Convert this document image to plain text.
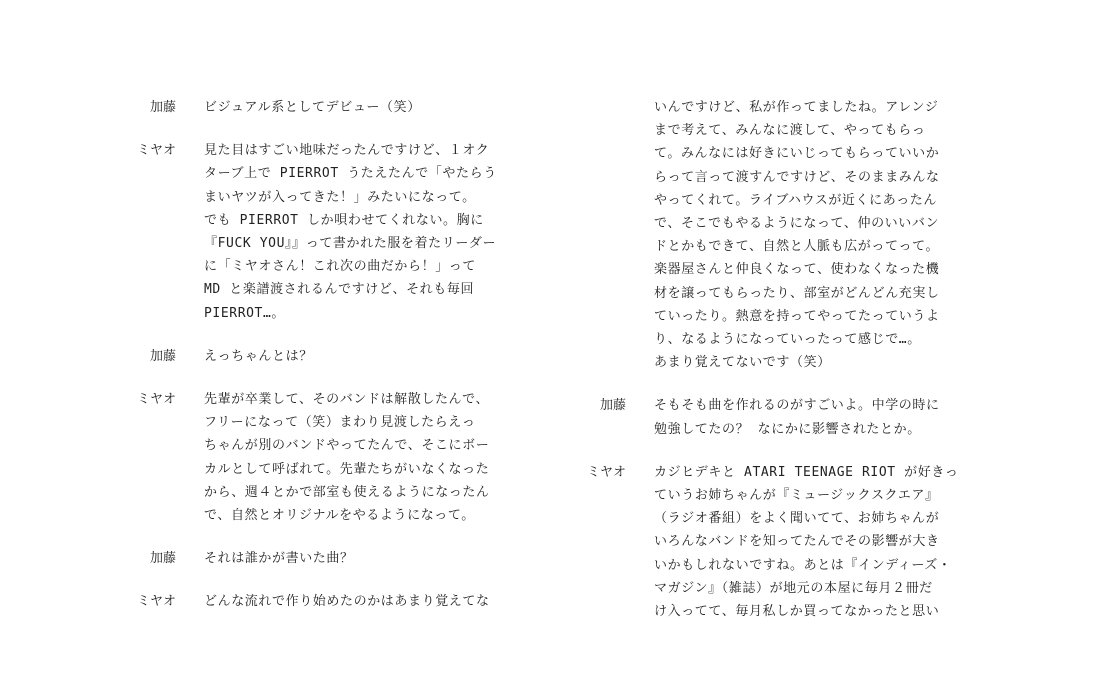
加藤 ビジュアル系としてデビュー（笑）
ミヤオ 見た目はすごい地味だったんですけど、１オク
ターブ上で PIERROT うたえたんで「やたらう
まいヤツが入ってきた！」みたいになって。
でも PIERROT しか唄わせてくれない。胸に
『FUCK YOU』』って書かれた服を着たリーダー
に「ミヤオさん！これ次の曲だから！」って
MD と楽譜渡されるんですけど、それも毎回
PIERROT…。
加藤 えっちゃんとは？
ミヤオ 先輩が卒業して、そのバンドは解散したんで、
フリーになって（笑）まわり見渡したらえっ
ちゃんが別のバンドやってたんで、そこにボー
カルとして呼ばれて。先輩たちがいなくなった
から、週４とかで部室も使えるようになったん
で、自然とオリジナルをやるようになって。
加藤 それは誰かが書いた曲？
ミヤオ どんな流れで作り始めたのかはあまり覚えてな
いんですけど、私が作ってましたね。アレンジ
まで考えて、みんなに渡して、やってもらっ
て。みんなには好きにいじってもらっていいか
らって言って渡すんですけど、そのままみんな
やってくれて。ライブハウスが近くにあったん
で、そこでもやるようになって、仲のいいバン
ドとかもできて、自然と人脈も広がってって。
楽器屋さんと仲良くなって、使わなくなった機
材を譲ってもらったり、部室がどんどん充実し
ていったり。熱意を持ってやってたっていうよ
り、なるようになっていったって感じで…。
あまり覚えてないです（笑）
加藤 そもそも曲を作れるのがすごいよ。中学の時に
勉強してたの？ なにかに影響されたとか。
ミヤオ カジヒデキと ATARI TEENAGE RIOT が好きっ
ていうお姉ちゃんが『ミュージックスクエア』
（ラジオ番組）をよく聞いてて、お姉ちゃんが
いろんなバンドを知ってたんでその影響が大き
いかもしれないですね。あとは『インディーズ・
マガジン』（雑誌）が地元の本屋に毎月２冊だ
け入ってて、毎月私しか買ってなかったと思い
